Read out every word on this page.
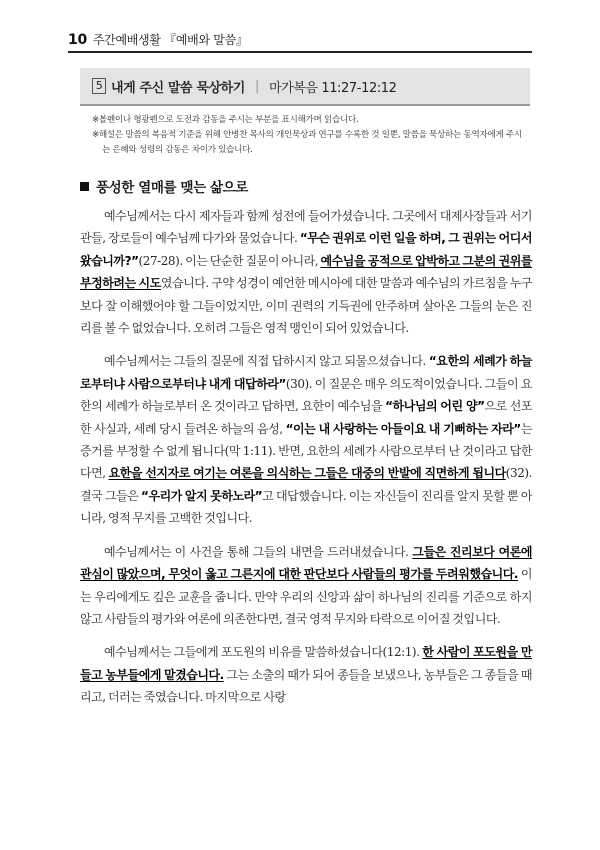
10 주간예배생활 『예배와 말씀』
5 내게 주신 말씀 묵상하기 | 마가복음 11:27-12:12
※볼펜이나 형광펜으로 도전과 감동을 주시는 부분을 표시해가며 읽습니다.
※해설은 말씀의 복음적 기준을 위해 안병찬 목사의 개인묵상과 연구를 수록한 것 일뿐, 말씀을 묵상하는 동역자에게 주시는 은혜와 성령의 감동은 차이가 있습니다.
풍성한 열매를 맺는 삶으로

예수님께서는 다시 제자들과 함께 성전에 들어가셨습니다. 그곳에서 대제사장들과 서기관들, 장로들이 예수님께 다가와 물었습니다. “무슨 권위로 이런 일을 하며, 그 권위는 어디서 왔습니까?”(27-28). 이는 단순한 질문이 아니라, 예수님을 공적으로 압박하고 그분의 권위를 부정하려는 시도였습니다. 구약 성경이 예언한 메시아에 대한 말씀과 예수님의 가르침을 누구보다 잘 이해했어야 할 그들이었지만, 이미 권력의 기득권에 안주하며 살아온 그들의 눈은 진리를 볼 수 없었습니다. 오히려 그들은 영적 맹인이 되어 있었습니다.

예수님께서는 그들의 질문에 직접 답하시지 않고 되물으셨습니다. “요한의 세례가 하늘로부터냐 사람으로부터냐 내게 대답하라”(30). 이 질문은 매우 의도적이었습니다. 그들이 요한의 세례가 하늘로부터 온 것이라고 답하면, 요한이 예수님을 “하나님의 어린 양”으로 선포한 사실과, 세례 당시 들려온 하늘의 음성, “이는 내 사랑하는 아들이요 내 기뻐하는 자라”는 증거를 부정할 수 없게 됩니다(막 1:11). 반면, 요한의 세례가 사람으로부터 난 것이라고 답한다면, 요한을 선지자로 여기는 여론을 의식하는 그들은 대중의 반발에 직면하게 됩니다(32). 결국 그들은 “우리가 알지 못하노라”고 대답했습니다. 이는 자신들이 진리를 알지 못할 뿐 아니라, 영적 무지를 고백한 것입니다.

예수님께서는 이 사건을 통해 그들의 내면을 드러내셨습니다. 그들은 진리보다 여론에 관심이 많았으며, 무엇이 옳고 그른지에 대한 판단보다 사람들의 평가를 두려워했습니다. 이는 우리에게도 깊은 교훈을 줍니다. 만약 우리의 신앙과 삶이 하나님의 진리를 기준으로 하지 않고 사람들의 평가와 여론에 의존한다면, 결국 영적 무지와 타락으로 이어질 것입니다.

예수님께서는 그들에게 포도원의 비유를 말씀하셨습니다(12:1). 한 사람이 포도원을 만들고 농부들에게 맡겼습니다. 그는 소출의 때가 되어 종들을 보냈으나, 농부들은 그 종들을 때리고, 더러는 죽였습니다. 마지막으로 사랑
